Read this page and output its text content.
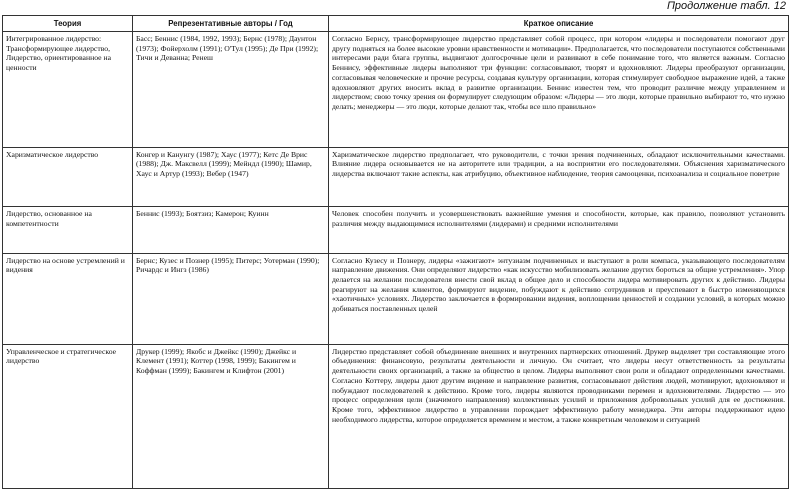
Продолжение табл. 12
Теория	Репрезентативные авторы / Год	Краткое описание
Интегрированное лидерство: Трансформирующее лидерство, Лидерство, ориентированное на ценности	Басс; Беннис (1984, 1992, 1993); Бернс (1978); Даунтон (1973); Фойерхолм (1991); О'Тул (1995); Де При (1992); Тичи и Деванна; Ренеш	Согласно Бернсу, трансформирующее лидерство представляет собой процесс, при котором «лидеры и последователи помогают друг другу подняться на более высокие уровни нравственности и мотивации». Предполагается, что последователи поступаются собственными интересами ради блага группы, выдвигают долгосрочные цели и развивают в себе понимание того, что является важным. Согласно Беннису, эффективные лидеры выполняют три функции: согласовывают, творят и вдохновляют. Лидеры преобразуют организации, согласовывая человеческие и прочие ресурсы, создавая культуру организации, которая стимулирует свободное выражение идей, а также вдохновляют других вносить вклад в развитие организации. Беннис известен тем, что проводит различие между управлением и лидерством; свою точку зрения он формулирует следующим образом: «Лидеры — это люди, которые правильно выбирают то, что нужно делать; менеджеры — это люди, которые делают так, чтобы все шло правильно»
Харизматическое лидерство	Конгер и Канунгу (1987); Хаус (1977); Кетс Де Врис (1988); Дж. Максвелл (1999); Мейндл (1990); Шамир, Хаус и Артур (1993); Вебер (1947)	Харизматическое лидерство предполагает, что руководители, с точки зрения подчиненных, обладают исключительными качествами. Влияние лидера основывается не на авторитете или традиции, а на восприятии его последователями. Объяснения харизматического лидерства включают такие аспекты, как атрибуцию, объективное наблюдение, теория самооценки, психоанализа и социальное поветрие
Лидерство, основанное на компетентности	Беннис (1993); Боятзиз; Камерон; Куинн	Человек способен получить и усовершенствовать важнейшие умения и способности, которые, как правило, позволяют установить различия между выдающимися исполнителями (лидерами) и средними исполнителями
Лидерство на основе устремлений и видения	Бернс; Кузес и Познер (1995); Питерс; Уотерман (1990); Ричардс и Ингз (1986)	Согласно Кузесу и Познеру, лидеры «зажигают» энтузиазм подчиненных и выступают в роли компаса, указывающего последователям направление движения. Они определяют лидерство «как искусство мобилизовать желание других бороться за общие устремления». Упор делается на желании последователя внести свой вклад в общее дело и способности лидера мотивировать других к действию. Лидеры реагируют на желания клиентов, формируют видение, побуждают к действию сотрудников и преуспевают в быстро изменяющихся «хаотичных» условиях. Лидерство заключается в формировании видения, воплощении ценностей и создании условий, в которых можно добиваться поставленных целей
Управленческое и стратегическое лидерство	Друкер (1999); Якобс и Джейкс (1990); Джейкс и Клемент (1991); Коттер (1998, 1999); Бакингем и Коффман (1999); Бакингем и Клифтон (2001)	Лидерство представляет собой объединение внешних и внутренних партнерских отношений. Друкер выделяет три составляющие этого объединения: финансовую, результаты деятельности и личную. Он считает, что лидеры несут ответственность за результаты деятельности своих организаций, а также за общество в целом. Лидеры выполняют свои роли и обладают определенными качествами. Согласно Коттеру, лидеры дают другим видение и направление развития, согласовывают действия людей, мотивируют, вдохновляют и побуждают последователей к действию. Кроме того, лидеры являются проводниками перемен и вдохновителями. Лидерство — это процесс определения цели (значимого направления) коллективных усилий и приложения добровольных усилий для ее достижения. Кроме того, эффективное лидерство в управлении порождает эффективную работу менеджера. Эти авторы поддерживают идею необходимого лидерства, которое определяется временем и местом, а также конкретным человеком и ситуацией
